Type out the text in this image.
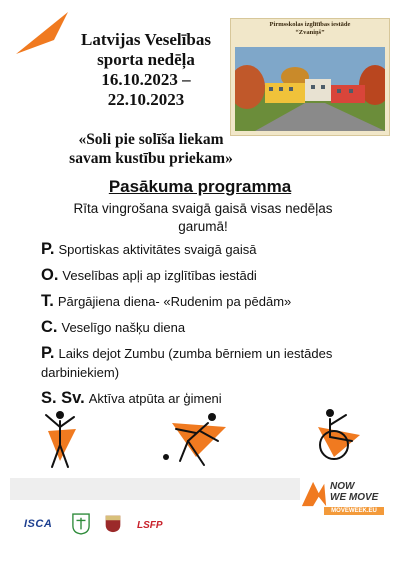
Latvijas Veselības
sporta nedēļa
16.10.2023 –
22.10.2023
Pirmsskolas izglītības iestāde
“Zvaniņš”
«Soli pie solīša liekam
savam kustību priekam»
Pasākuma programma
Rīta vingrošana svaigā gaisā visas nedēļas garumā!
P. Sportiskas aktivitātes svaigā gaisā
O. Veselības apļi ap izglītības iestādi
T. Pārgājiena diena- «Rudenim pa pēdām»
C. Veselīgo našķu diena
P. Laiks dejot Zumbu (zumba bērniem un iestādes darbiniekiem)
S. Sv. Aktīva atpūta ar ģimeni
NOW
WE MOVE
MOVEWEEK.EU
ISCA	LSFP
